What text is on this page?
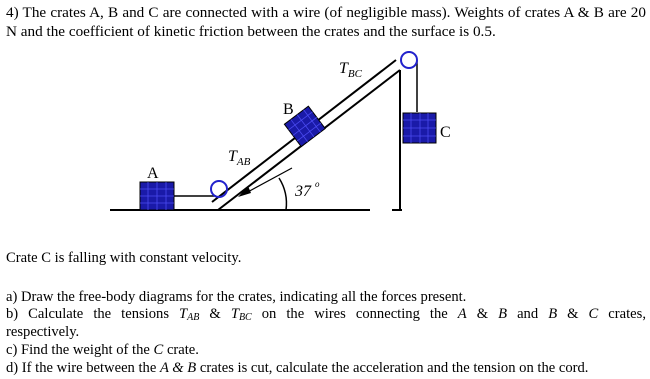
4) The crates A, B and C are connected with a wire (of negligible mass). Weights of crates A & B are 20 N and the coefficient of kinetic friction between the crates and the surface is 0.5.
A
B
C
$T_{AB}$
$T_{BC}$
37 $^o$
Crate C is falling with constant velocity.
a) Draw the free-body diagrams for the crates, indicating all the forces present.
b) Calculate the tensions $T_{AB}$ & $T_{BC}$ on the wires connecting the A & B and B & C crates,
respectively.
c) Find the weight of the C crate.
d) If the wire between the A & B crates is cut, calculate the acceleration and the tension on the cord.
